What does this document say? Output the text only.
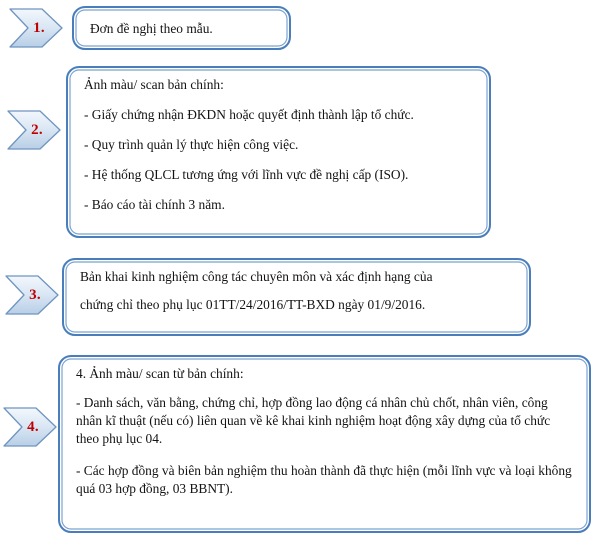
1.	Đơn đề nghị theo mẫu.
2.
Ảnh màu/ scan bản chính:
- Giấy chứng nhận ĐKDN hoặc quyết định thành lập tổ chức.
- Quy trình quản lý thực hiện công việc.
- Hệ thống QLCL tương ứng với lĩnh vực đề nghị cấp (ISO).
- Báo cáo tài chính 3 năm.
3.
Bản khai kinh nghiệm công tác chuyên môn và xác định hạng của
chứng chỉ theo phụ lục 01TT/24/2016/TT-BXD ngày 01/9/2016.
4.
4. Ảnh màu/ scan từ bản chính:
- Danh sách, văn bằng, chứng chỉ, hợp đồng lao động cá nhân chủ chốt, nhân viên, công nhân kĩ thuật (nếu có) liên quan về kê khai kinh nghiệm hoạt động xây dựng của tổ chức theo phụ lục 04.
- Các hợp đồng và biên bản nghiệm thu hoàn thành đã thực hiện (mỗi lĩnh vực và loại không quá 03 hợp đồng, 03 BBNT).
